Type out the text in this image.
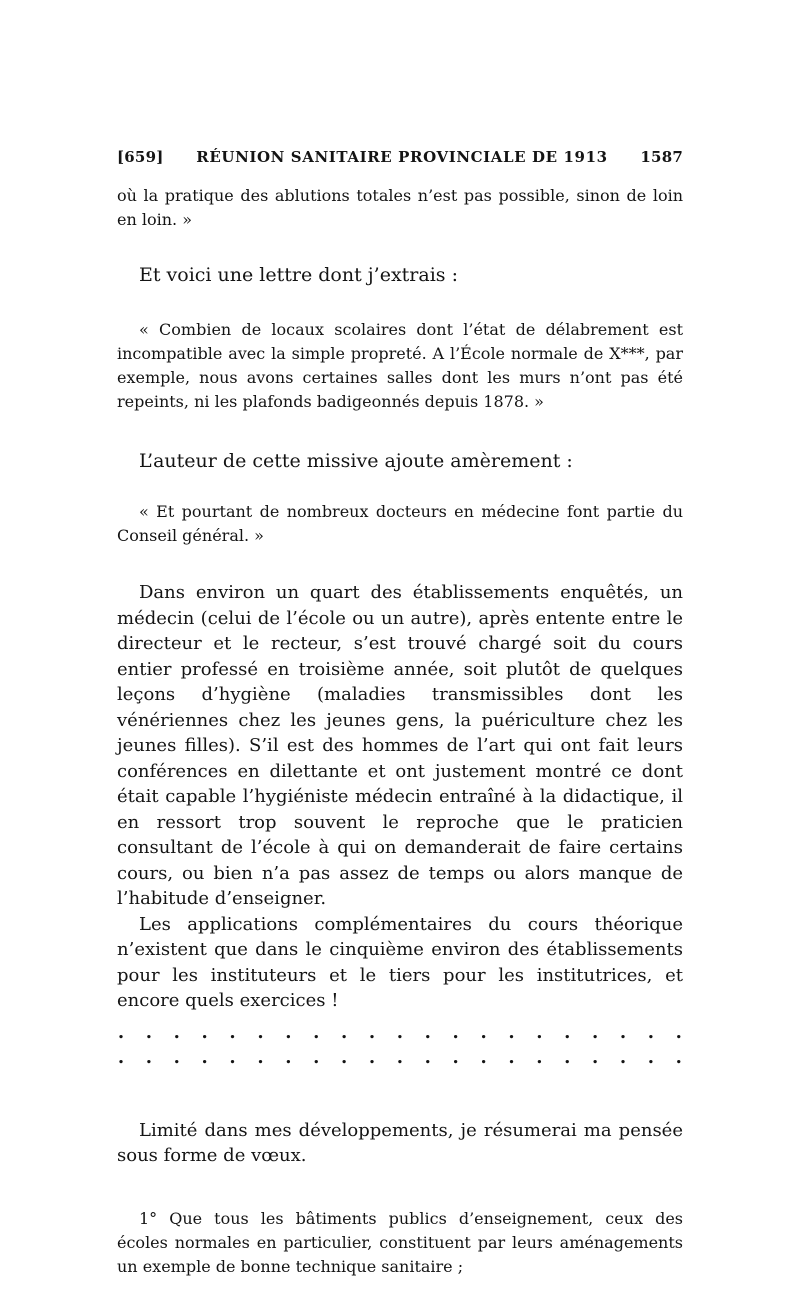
[659] RÉUNION SANITAIRE PROVINCIALE DE 1913 1587

où la pratique des ablutions totales n’est pas possible, sinon de loin en loin. »

Et voici une lettre dont j’extrais :

« Combien de locaux scolaires dont l’état de délabrement est incompatible avec la simple propreté. A l’École normale de X***, par exemple, nous avons certaines salles dont les murs n’ont pas été repeints, ni les plafonds badigeonnés depuis 1878. »

L’auteur de cette missive ajoute amèrement :

« Et pourtant de nombreux docteurs en médecine font partie du Conseil général. »

Dans environ un quart des établissements enquêtés, un médecin (celui de l’école ou un autre), après entente entre le directeur et le recteur, s’est trouvé chargé soit du cours entier professé en troisième année, soit plutôt de quelques leçons d’hygiène (maladies transmissibles dont les vénériennes chez les jeunes gens, la puériculture chez les jeunes filles). S’il est des hommes de l’art qui ont fait leurs conférences en dilettante et ont justement montré ce dont était capable l’hygiéniste médecin entraîné à la didactique, il en ressort trop souvent le reproche que le praticien consultant de l’école à qui on demanderait de faire certains cours, ou bien n’a pas assez de temps ou alors manque de l’habitude d’enseigner.

Les applications complémentaires du cours théorique n’existent que dans le cinquième environ des établissements pour les instituteurs et le tiers pour les institutrices, et encore quels exercices !

. . . . . . . . . . . . . . . . . . . . .
. . . . . . . . . . . . . . . . . . . . .

Limité dans mes développements, je résumerai ma pensée sous forme de vœux.

1° Que tous les bâtiments publics d’enseignement, ceux des écoles normales en particulier, constituent par leurs aménagements un exemple de bonne technique sanitaire ;
